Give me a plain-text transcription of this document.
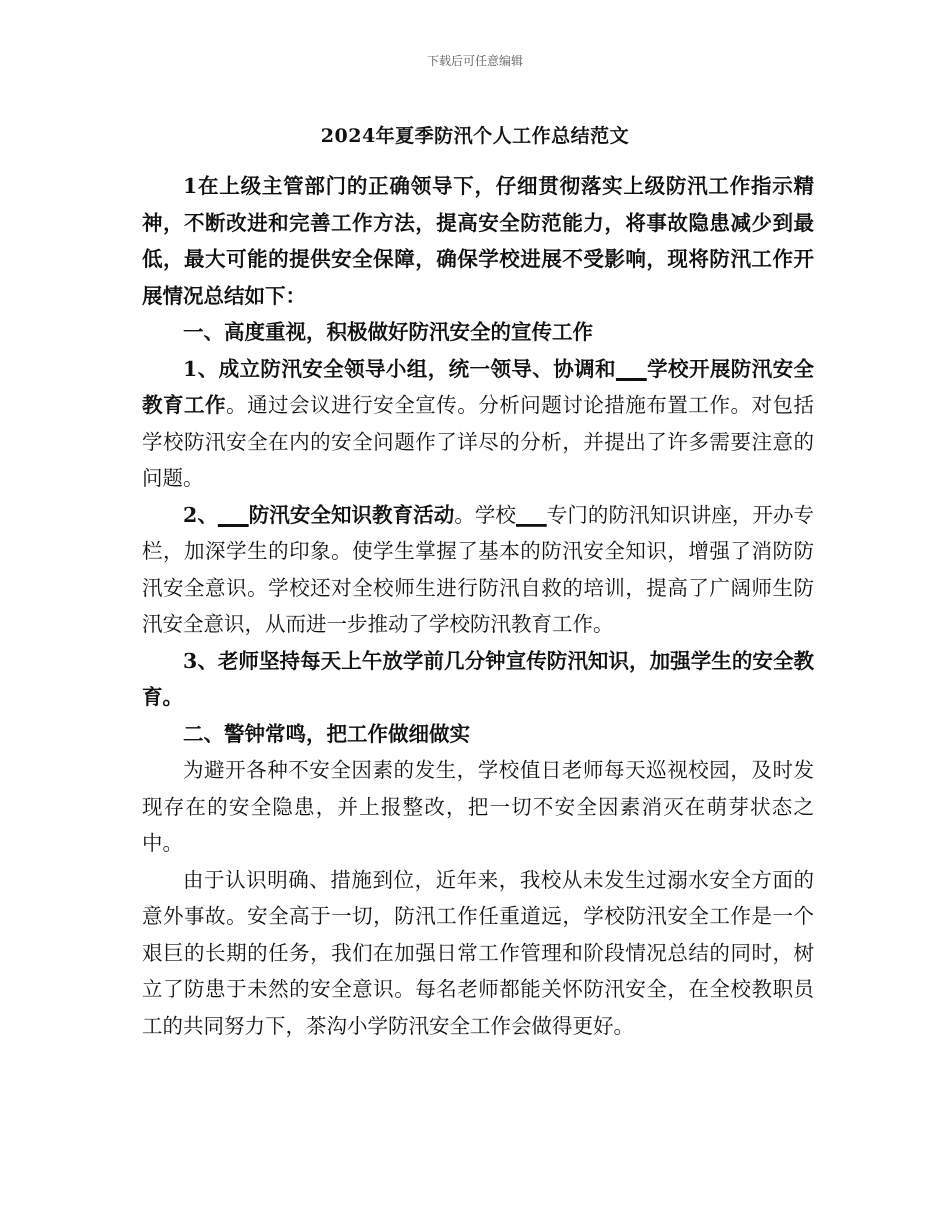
下载后可任意编辑
2024年夏季防汛个人工作总结范文

1在上级主管部门的正确领导下，仔细贯彻落实上级防汛工作指示精神，不断改进和完善工作方法，提高安全防范能力，将事故隐患减少到最低，最大可能的提供安全保障，确保学校进展不受影响，现将防汛工作开展情况总结如下：

一、高度重视，积极做好防汛安全的宣传工作

1、成立防汛安全领导小组，统一领导、协调和___学校开展防汛安全教育工作。通过会议进行安全宣传。分析问题讨论措施布置工作。对包括学校防汛安全在内的安全问题作了详尽的分析，并提出了许多需要注意的问题。

2、___防汛安全知识教育活动。学校___专门的防汛知识讲座，开办专栏，加深学生的印象。使学生掌握了基本的防汛安全知识，增强了消防防汛安全意识。学校还对全校师生进行防汛自救的培训，提高了广阔师生防汛安全意识，从而进一步推动了学校防汛教育工作。

3、老师坚持每天上午放学前几分钟宣传防汛知识，加强学生的安全教育。

二、警钟常鸣，把工作做细做实

为避开各种不安全因素的发生，学校值日老师每天巡视校园，及时发现存在的安全隐患，并上报整改，把一切不安全因素消灭在萌芽状态之中。

由于认识明确、措施到位，近年来，我校从未发生过溺水安全方面的意外事故。安全高于一切，防汛工作任重道远，学校防汛安全工作是一个艰巨的长期的任务，我们在加强日常工作管理和阶段情况总结的同时，树立了防患于未然的安全意识。每名老师都能关怀防汛安全，在全校教职员工的共同努力下，茶沟小学防汛安全工作会做得更好。
